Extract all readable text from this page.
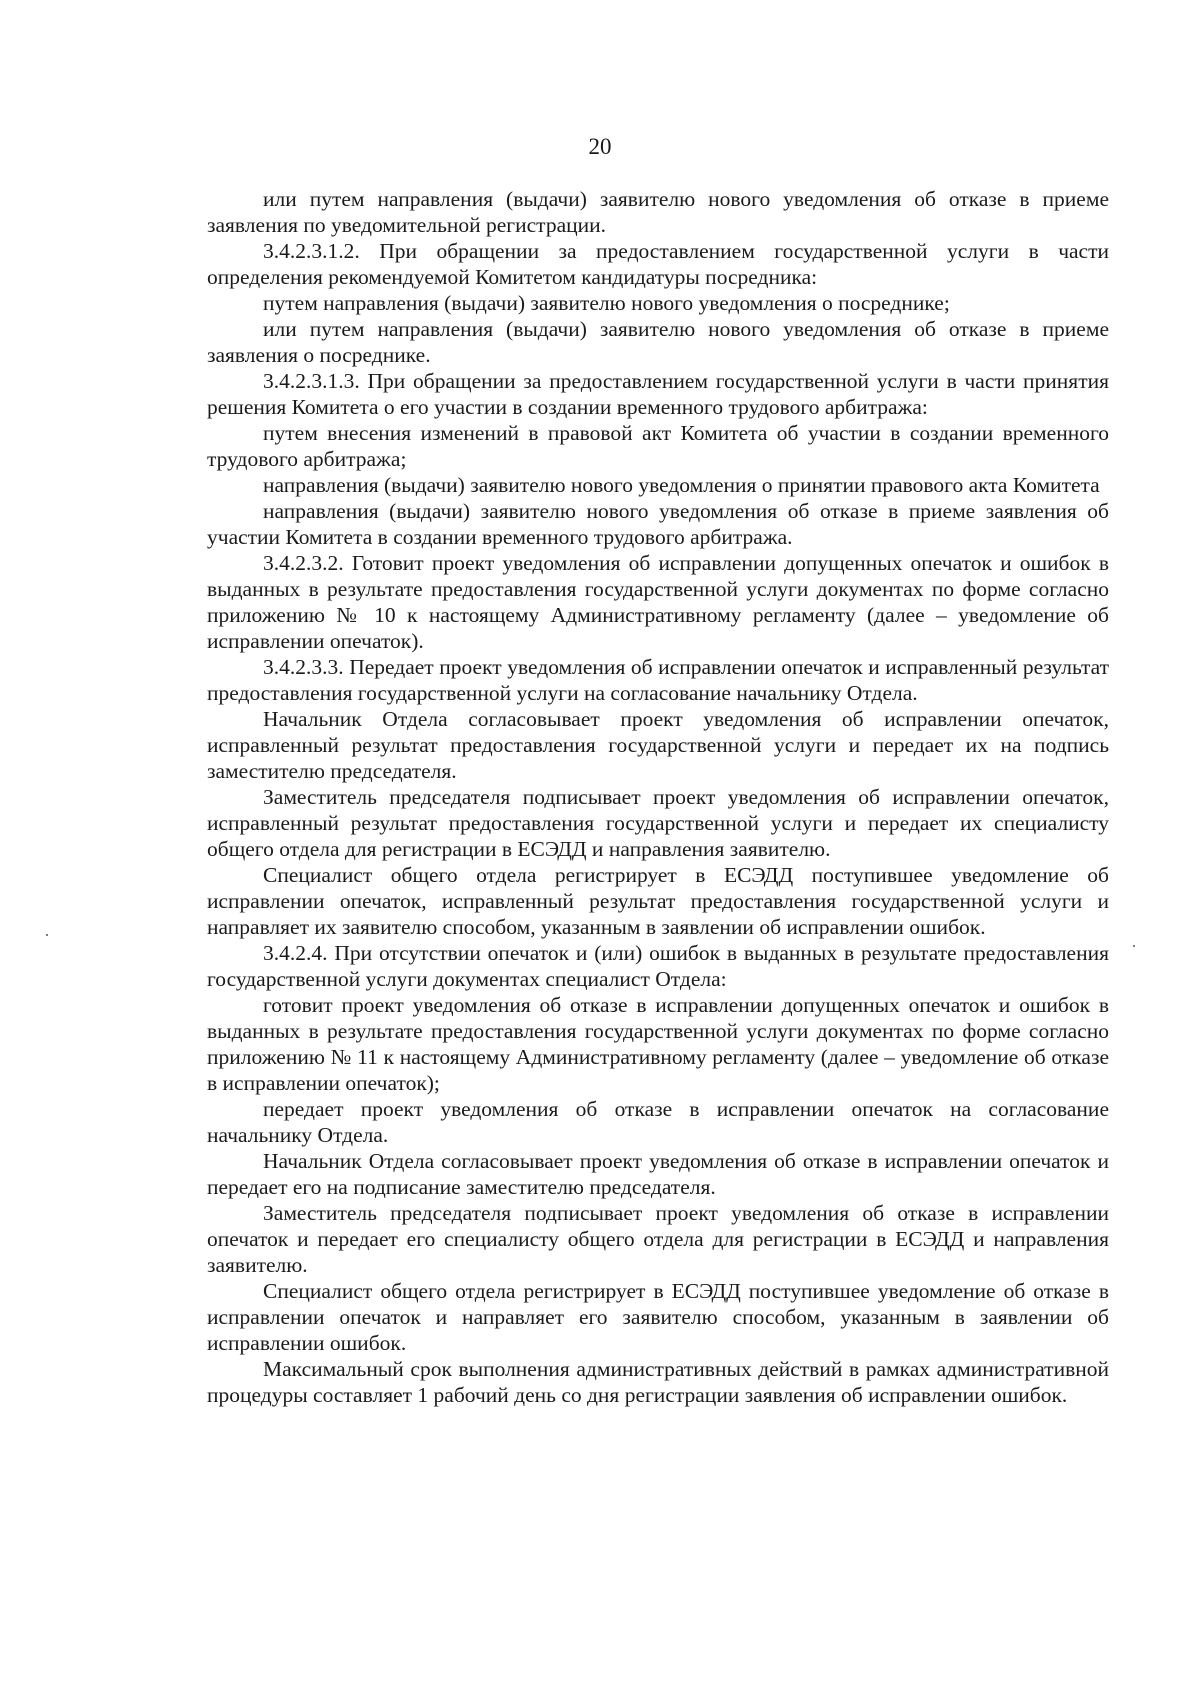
20

или путем направления (выдачи) заявителю нового уведомления об отказе в приеме заявления по уведомительной регистрации.

3.4.2.3.1.2. При обращении за предоставлением государственной услуги в части определения рекомендуемой Комитетом кандидатуры посредника:

путем направления (выдачи) заявителю нового уведомления о посреднике;

или путем направления (выдачи) заявителю нового уведомления об отказе в приеме заявления о посреднике.

3.4.2.3.1.3. При обращении за предоставлением государственной услуги в части принятия решения Комитета о его участии в создании временного трудового арбитража:

путем внесения изменений в правовой акт Комитета об участии в создании временного трудового арбитража;

направления (выдачи) заявителю нового уведомления о принятии правового акта Комитета

направления (выдачи) заявителю нового уведомления об отказе в приеме заявления об участии Комитета в создании временного трудового арбитража.

3.4.2.3.2. Готовит проект уведомления об исправлении допущенных опечаток и ошибок в выданных в результате предоставления государственной услуги документах по форме согласно приложению № 10 к настоящему Административному регламенту (далее – уведомление об исправлении опечаток).

3.4.2.3.3. Передает проект уведомления об исправлении опечаток и исправленный результат предоставления государственной услуги на согласование начальнику Отдела.

Начальник Отдела согласовывает проект уведомления об исправлении опечаток, исправленный результат предоставления государственной услуги и передает их на подпись заместителю председателя.

Заместитель председателя подписывает проект уведомления об исправлении опечаток, исправленный результат предоставления государственной услуги и передает их специалисту общего отдела для регистрации в ЕСЭДД и направления заявителю.

Специалист общего отдела регистрирует в ЕСЭДД поступившее уведомление об исправлении опечаток, исправленный результат предоставления государственной услуги и направляет их заявителю способом, указанным в заявлении об исправлении ошибок.

3.4.2.4. При отсутствии опечаток и (или) ошибок в выданных в результате предоставления государственной услуги документах специалист Отдела:

готовит проект уведомления об отказе в исправлении допущенных опечаток и ошибок в выданных в результате предоставления государственной услуги документах по форме согласно приложению № 11 к настоящему Административному регламенту (далее – уведомление об отказе в исправлении опечаток);

передает проект уведомления об отказе в исправлении опечаток на согласование начальнику Отдела.

Начальник Отдела согласовывает проект уведомления об отказе в исправлении опечаток и передает его на подписание заместителю председателя.

Заместитель председателя подписывает проект уведомления об отказе в исправлении опечаток и передает его специалисту общего отдела для регистрации в ЕСЭДД и направления заявителю.

Специалист общего отдела регистрирует в ЕСЭДД поступившее уведомление об отказе в исправлении опечаток и направляет его заявителю способом, указанным в заявлении об исправлении ошибок.

Максимальный срок выполнения административных действий в рамках административной процедуры составляет 1 рабочий день со дня регистрации заявления об исправлении ошибок.
